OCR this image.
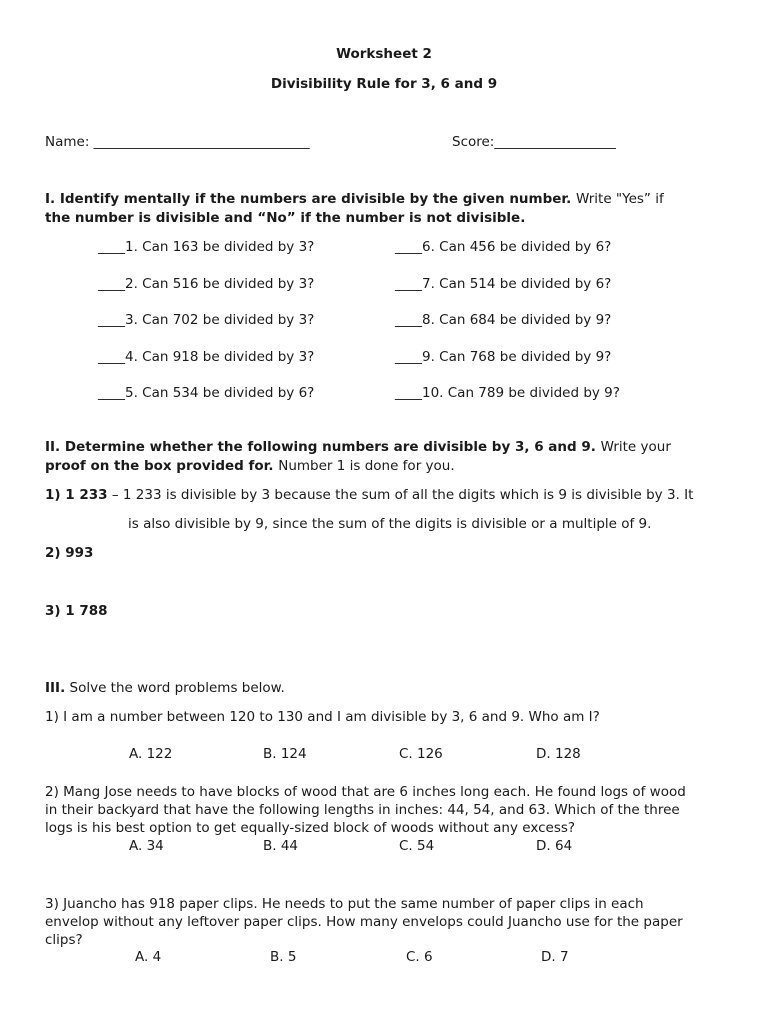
Worksheet 2
Divisibility Rule for 3, 6 and 9
Name: ________________________________	Score:__________________
I. Identify mentally if the numbers are divisible by the given number. Write "Yes” if
the number is divisible and “No” if the number is not divisible.
____1. Can 163 be divided by 3?
____2. Can 516 be divided by 3?
____3. Can 702 be divided by 3?
____4. Can 918 be divided by 3?
____5. Can 534 be divided by 6?
____6. Can 456 be divided by 6?
____7. Can 514 be divided by 6?
____8. Can 684 be divided by 9?
____9. Can 768 be divided by 9?
____10. Can 789 be divided by 9?
II. Determine whether the following numbers are divisible by 3, 6 and 9. Write your
proof on the box provided for. Number 1 is done for you.
1) 1 233 – 1 233 is divisible by 3 because the sum of all the digits which is 9 is divisible by 3. It
is also divisible by 9, since the sum of the digits is divisible or a multiple of 9.
2) 993
3) 1 788
III. Solve the word problems below.
1) I am a number between 120 to 130 and I am divisible by 3, 6 and 9. Who am I?
A. 122	B. 124	C. 126	D. 128
2) Mang Jose needs to have blocks of wood that are 6 inches long each. He found logs of wood
in their backyard that have the following lengths in inches: 44, 54, and 63. Which of the three
logs is his best option to get equally-sized block of woods without any excess?
A. 34	B. 44	C. 54	D. 64
3) Juancho has 918 paper clips. He needs to put the same number of paper clips in each
envelop without any leftover paper clips. How many envelops could Juancho use for the paper
clips?
A. 4	B. 5	C. 6	D. 7
